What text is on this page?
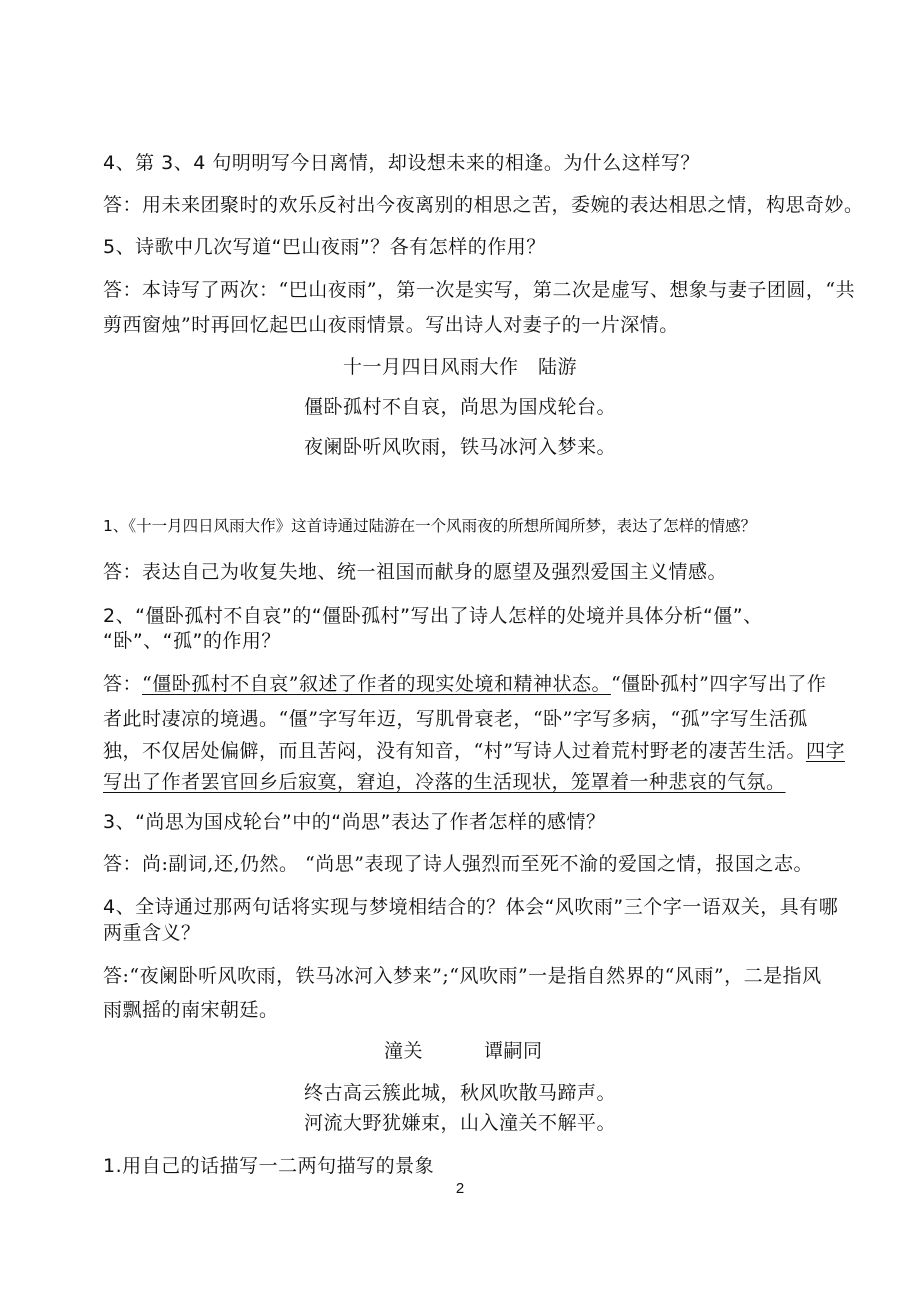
4、第 3、4 句明明写今日离情，却设想未来的相逢。为什么这样写？
答：用未来团聚时的欢乐反衬出今夜离别的相思之苦，委婉的表达相思之情，构思奇妙。
5、诗歌中几次写道“巴山夜雨”？各有怎样的作用？
答：本诗写了两次：“巴山夜雨”，第一次是实写，第二次是虚写、想象与妻子团圆，“共
剪西窗烛”时再回忆起巴山夜雨情景。写出诗人对妻子的一片深情。
十一月四日风雨大作　陆游
僵卧孤村不自哀，尚思为国戍轮台。
夜阑卧听风吹雨，铁马冰河入梦来。
1、《十一月四日风雨大作》这首诗通过陆游在一个风雨夜的所想所闻所梦，表达了怎样的情感？
答：表达自己为收复失地、统一祖国而献身的愿望及强烈爱国主义情感。
2、“僵卧孤村不自哀”的“僵卧孤村”写出了诗人怎样的处境并具体分析“僵”、
“卧”、“孤”的作用？
答：“僵卧孤村不自哀”叙述了作者的现实处境和精神状态。“僵卧孤村”四字写出了作
者此时凄凉的境遇。“僵”字写年迈，写肌骨衰老，“卧”字写多病，“孤”字写生活孤
独，不仅居处偏僻，而且苦闷，没有知音，“村”写诗人过着荒村野老的凄苦生活。四字
写出了作者罢官回乡后寂寞，窘迫，冷落的生活现状，笼罩着一种悲哀的气氛。
3、“尚思为国戍轮台”中的“尚思”表达了作者怎样的感情？
答：尚:副词,还,仍然。 “尚思”表现了诗人强烈而至死不渝的爱国之情，报国之志。
4、全诗通过那两句话将实现与梦境相结合的？体会“风吹雨”三个字一语双关，具有哪
两重含义？
答:“夜阑卧听风吹雨，铁马冰河入梦来”;“风吹雨”一是指自然界的“风雨”，二是指风
雨飘摇的南宋朝廷。
潼关	谭嗣同
终古高云簇此城，秋风吹散马蹄声。
河流大野犹嫌束，山入潼关不解平。
1.用自己的话描写一二两句描写的景象
2
